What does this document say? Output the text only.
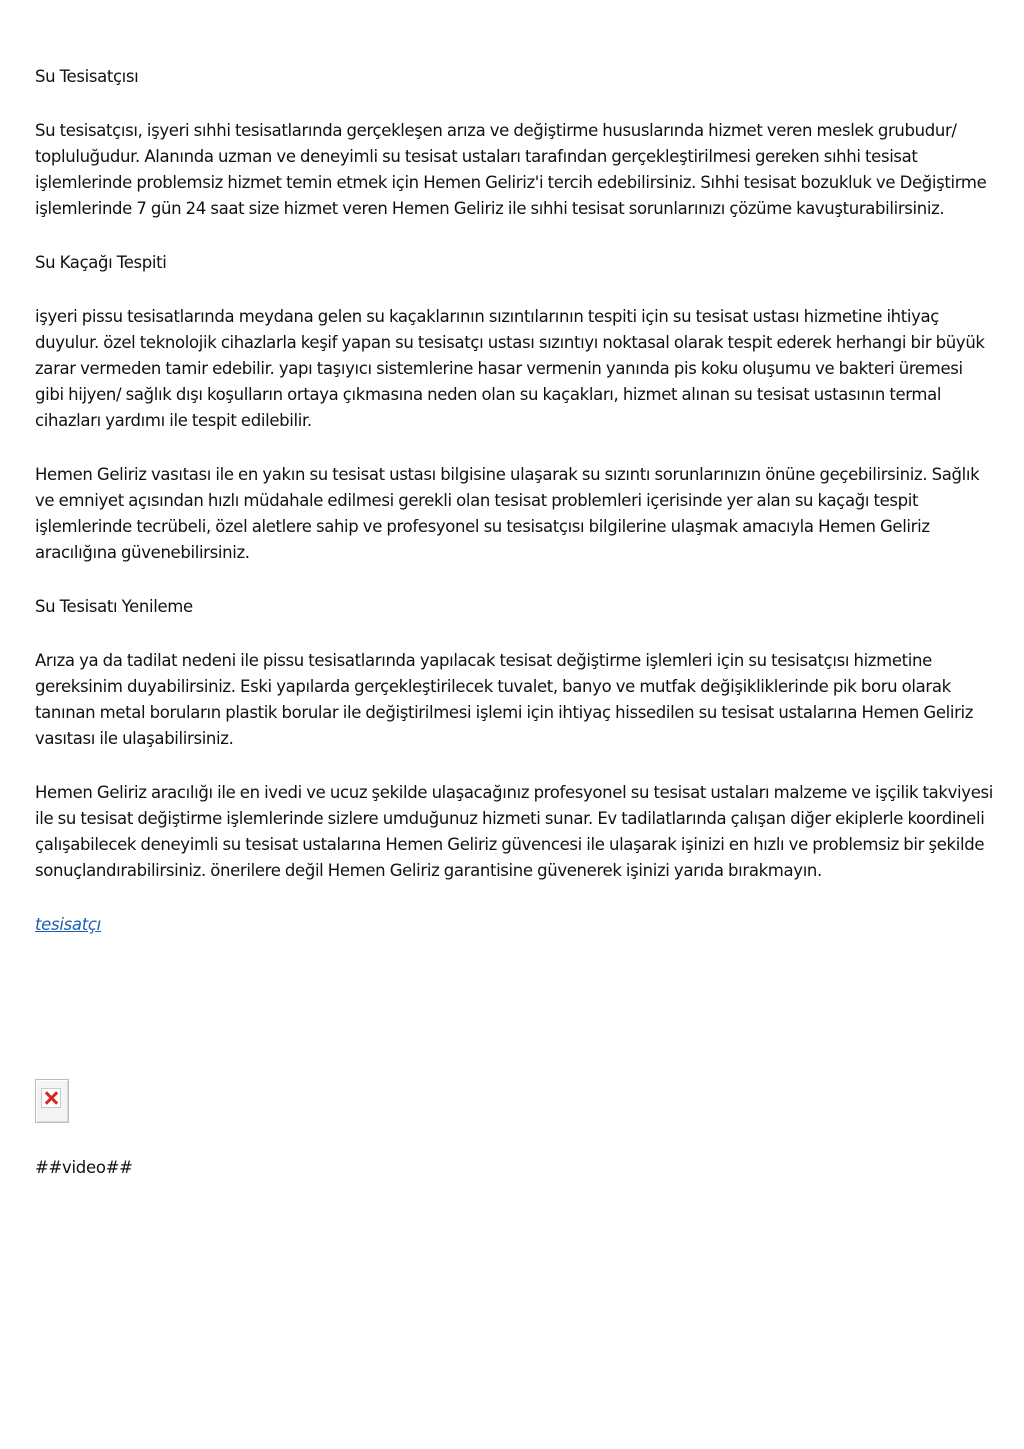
Su Tesisatçısı

Su tesisatçısı, işyeri sıhhi tesisatlarında gerçekleşen arıza ve değiştirme hususlarında hizmet veren meslek grubudur/ topluluğudur. Alanında uzman ve deneyimli su tesisat ustaları tarafından gerçekleştirilmesi gereken sıhhi tesisat işlemlerinde problemsiz hizmet temin etmek için Hemen Geliriz'i tercih edebilirsiniz. Sıhhi tesisat bozukluk ve Değiştirme işlemlerinde 7 gün 24 saat size hizmet veren Hemen Geliriz ile sıhhi tesisat sorunlarınızı çözüme kavuşturabilirsiniz.

Su Kaçağı Tespiti

işyeri pissu tesisatlarında meydana gelen su kaçaklarının sızıntılarının tespiti için su tesisat ustası hizmetine ihtiyaç duyulur. özel teknolojik cihazlarla keşif yapan su tesisatçı ustası sızıntıyı noktasal olarak tespit ederek herhangi bir büyük zarar vermeden tamir edebilir. yapı taşıyıcı sistemlerine hasar vermenin yanında pis koku oluşumu ve bakteri üremesi gibi hijyen/ sağlık dışı koşulların ortaya çıkmasına neden olan su kaçakları, hizmet alınan su tesisat ustasının termal cihazları yardımı ile tespit edilebilir.

Hemen Geliriz vasıtası ile en yakın su tesisat ustası bilgisine ulaşarak su sızıntı sorunlarınızın önüne geçebilirsiniz. Sağlık ve emniyet açısından hızlı müdahale edilmesi gerekli olan tesisat problemleri içerisinde yer alan su kaçağı tespit işlemlerinde tecrübeli, özel aletlere sahip ve profesyonel su tesisatçısı bilgilerine ulaşmak amacıyla Hemen Geliriz aracılığına güvenebilirsiniz.

Su Tesisatı Yenileme

Arıza ya da tadilat nedeni ile pissu tesisatlarında yapılacak tesisat değiştirme işlemleri için su tesisatçısı hizmetine gereksinim duyabilirsiniz. Eski yapılarda gerçekleştirilecek tuvalet, banyo ve mutfak değişikliklerinde pik boru olarak tanınan metal boruların plastik borular ile değiştirilmesi işlemi için ihtiyaç hissedilen su tesisat ustalarına Hemen Geliriz vasıtası ile ulaşabilirsiniz.

Hemen Geliriz aracılığı ile en ivedi ve ucuz şekilde ulaşacağınız profesyonel su tesisat ustaları malzeme ve işçilik takviyesi ile su tesisat değiştirme işlemlerinde sizlere umduğunuz hizmeti sunar. Ev tadilatlarında çalışan diğer ekiplerle koordineli çalışabilecek deneyimli su tesisat ustalarına Hemen Geliriz güvencesi ile ulaşarak işinizi en hızlı ve problemsiz bir şekilde sonuçlandırabilirsiniz. önerilere değil Hemen Geliriz garantisine güvenerek işinizi yarıda bırakmayın.

tesisatçı

##video##
